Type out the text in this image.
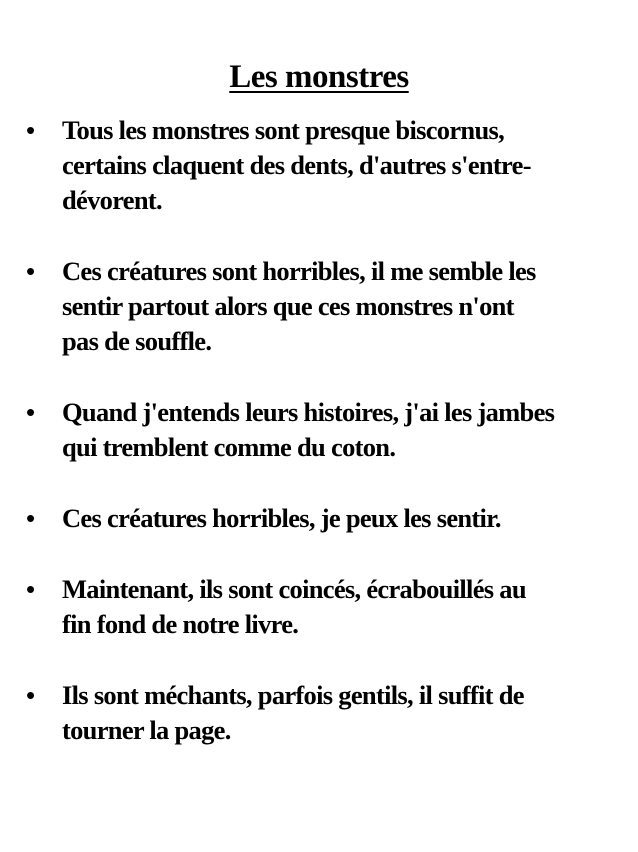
Les monstres
•	Tous les monstres sont presque biscornus,
certains claquent des dents, d'autres s'entre-
dévorent.
•	Ces créatures sont horribles, il me semble les
sentir partout alors que ces monstres n'ont
pas de souffle.
•	Quand j'entends leurs histoires, j'ai les jambes
qui tremblent comme du coton.
•	Ces créatures horribles, je peux les sentir.
•	Maintenant, ils sont coincés, écrabouillés au
fin fond de notre livre.
•	Ils sont méchants, parfois gentils, il suffit de
tourner la page.
